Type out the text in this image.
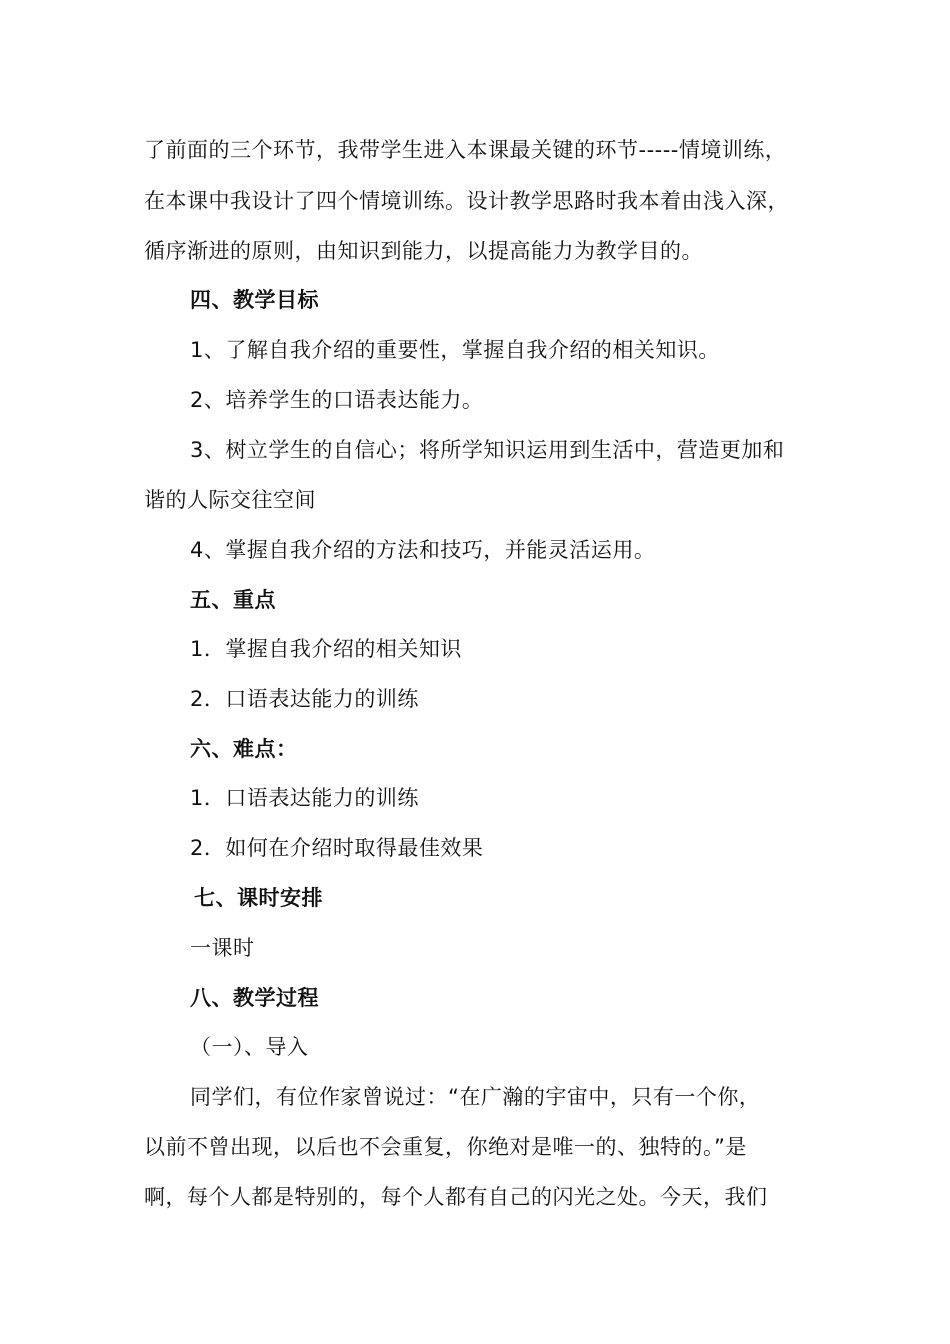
了前面的三个环节，我带学生进入本课最关键的环节-----情境训练，
在本课中我设计了四个情境训练。设计教学思路时我本着由浅入深，
循序渐进的原则，由知识到能力，以提高能力为教学目的。
四、教学目标
1、了解自我介绍的重要性，掌握自我介绍的相关知识。
2、培养学生的口语表达能力。
3、树立学生的自信心；将所学知识运用到生活中，营造更加和
谐的人际交往空间
4、掌握自我介绍的方法和技巧，并能灵活运用。
五、重点
1．掌握自我介绍的相关知识
2．口语表达能力的训练
六、难点：
1．口语表达能力的训练
2．如何在介绍时取得最佳效果
七、课时安排
一课时
八、教学过程
（一）、导入
同学们，有位作家曾说过：“在广瀚的宇宙中，只有一个你，
以前不曾出现，以后也不会重复，你绝对是唯一的、独特的。”是
啊，每个人都是特别的，每个人都有自己的闪光之处。今天，我们
